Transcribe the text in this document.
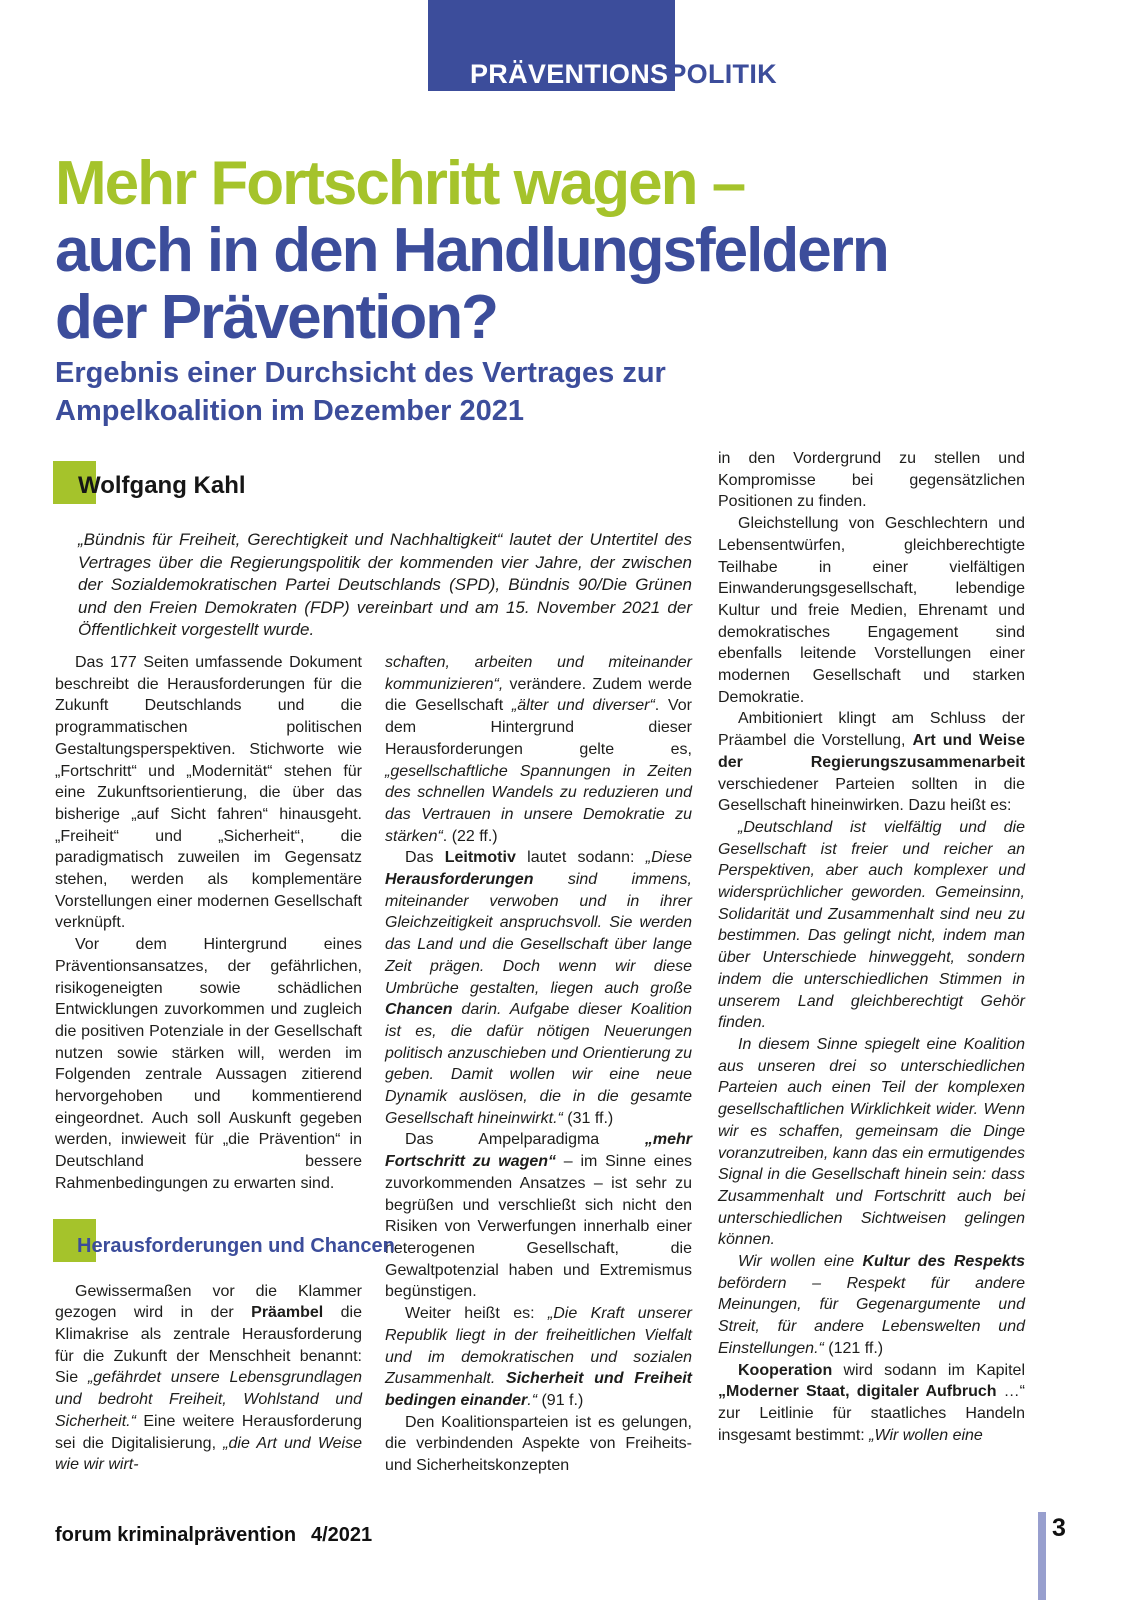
PRÄVENTIONS POLITIK
Mehr Fortschritt wagen –
auch in den Handlungsfeldern
der Prävention?
Ergebnis einer Durchsicht des Vertrages zur
Ampelkoalition im Dezember 2021
Wolfgang Kahl

„Bündnis für Freiheit, Gerechtigkeit und Nachhaltigkeit“ lautet der Untertitel des Vertrages über die Regierungspolitik der kommenden vier Jahre, der zwischen der Sozialdemokratischen Partei Deutschlands (SPD), Bündnis 90/Die Grünen und den Freien Demokraten (FDP) vereinbart und am 15. November 2021 der Öffentlichkeit vorgestellt wurde.

Das 177 Seiten umfassende Dokument beschreibt die Herausforderungen für die Zukunft Deutschlands und die programmatischen politischen Gestaltungsperspektiven. Stichworte wie „Fortschritt“ und „Modernität“ stehen für eine Zukunftsorientierung, die über das bisherige „auf Sicht fahren“ hinausgeht. „Freiheit“ und „Sicherheit“, die paradigmatisch zuweilen im Gegensatz stehen, werden als komplementäre Vorstellungen einer modernen Gesellschaft verknüpft.

Vor dem Hintergrund eines Präventionsansatzes, der gefährlichen, risikogeneigten sowie schädlichen Entwicklungen zuvorkommen und zugleich die positiven Potenziale in der Gesellschaft nutzen sowie stärken will, werden im Folgenden zentrale Aussagen zitierend hervorgehoben und kommentierend eingeordnet. Auch soll Auskunft gegeben werden, inwieweit für „die Prävention“ in Deutschland bessere Rahmenbedingungen zu erwarten sind.

Herausforderungen und Chancen

Gewissermaßen vor die Klammer gezogen wird in der Präambel die Klimakrise als zentrale Herausforderung für die Zukunft der Menschheit benannt: Sie „gefährdet unsere Lebensgrundlagen und bedroht Freiheit, Wohlstand und Sicherheit.“ Eine weitere Herausforderung sei die Digitalisierung, „die Art und Weise wie wir wirt-

schaften, arbeiten und miteinander kommunizieren“, verändere. Zudem werde die Gesellschaft „älter und diverser“. Vor dem Hintergrund dieser Herausforderungen gelte es, „gesellschaftliche Spannungen in Zeiten des schnellen Wandels zu reduzieren und das Vertrauen in unsere Demokratie zu stärken“. (22 ff.)

Das Leitmotiv lautet sodann: „Diese Herausforderungen sind immens, miteinander verwoben und in ihrer Gleichzeitigkeit anspruchsvoll. Sie werden das Land und die Gesellschaft über lange Zeit prägen. Doch wenn wir diese Umbrüche gestalten, liegen auch große Chancen darin. Aufgabe dieser Koalition ist es, die dafür nötigen Neuerungen politisch anzuschieben und Orientierung zu geben. Damit wollen wir eine neue Dynamik auslösen, die in die gesamte Gesellschaft hineinwirkt.“ (31 ff.)

Das Ampelparadigma „mehr Fortschritt zu wagen“ – im Sinne eines zuvorkommenden Ansatzes – ist sehr zu begrüßen und verschließt sich nicht den Risiken von Verwerfungen innerhalb einer heterogenen Gesellschaft, die Gewaltpotenzial haben und Extremismus begünstigen.

Weiter heißt es: „Die Kraft unserer Republik liegt in der freiheitlichen Vielfalt und im demokratischen und sozialen Zusammenhalt. Sicherheit und Freiheit bedingen einander.“ (91 f.)

Den Koalitionsparteien ist es gelungen, die verbindenden Aspekte von Freiheits- und Sicherheitskonzepten

in den Vordergrund zu stellen und Kompromisse bei gegensätzlichen Positionen zu finden.

Gleichstellung von Geschlechtern und Lebensentwürfen, gleichberechtigte Teilhabe in einer vielfältigen Einwanderungsgesellschaft, lebendige Kultur und freie Medien, Ehrenamt und demokratisches Engagement sind ebenfalls leitende Vorstellungen einer modernen Gesellschaft und starken Demokratie.

Ambitioniert klingt am Schluss der Präambel die Vorstellung, Art und Weise der Regierungszusammenarbeit verschiedener Parteien sollten in die Gesellschaft hineinwirken. Dazu heißt es:

„Deutschland ist vielfältig und die Gesellschaft ist freier und reicher an Perspektiven, aber auch komplexer und widersprüchlicher geworden. Gemeinsinn, Solidarität und Zusammenhalt sind neu zu bestimmen. Das gelingt nicht, indem man über Unterschiede hinweggeht, sondern indem die unterschiedlichen Stimmen in unserem Land gleichberechtigt Gehör finden.

In diesem Sinne spiegelt eine Koalition aus unseren drei so unterschiedlichen Parteien auch einen Teil der komplexen gesellschaftlichen Wirklichkeit wider. Wenn wir es schaffen, gemeinsam die Dinge voranzutreiben, kann das ein ermutigendes Signal in die Gesellschaft hinein sein: dass Zusammenhalt und Fortschritt auch bei unterschiedlichen Sichtweisen gelingen können.

Wir wollen eine Kultur des Respekts befördern – Respekt für andere Meinungen, für Gegenargumente und Streit, für andere Lebenswelten und Einstellungen.“ (121 ff.)

Kooperation wird sodann im Kapitel „Moderner Staat, digitaler Aufbruch …“ zur Leitlinie für staatliches Handeln insgesamt bestimmt: „Wir wollen eine

forum kriminalprävention 4/2021	3
